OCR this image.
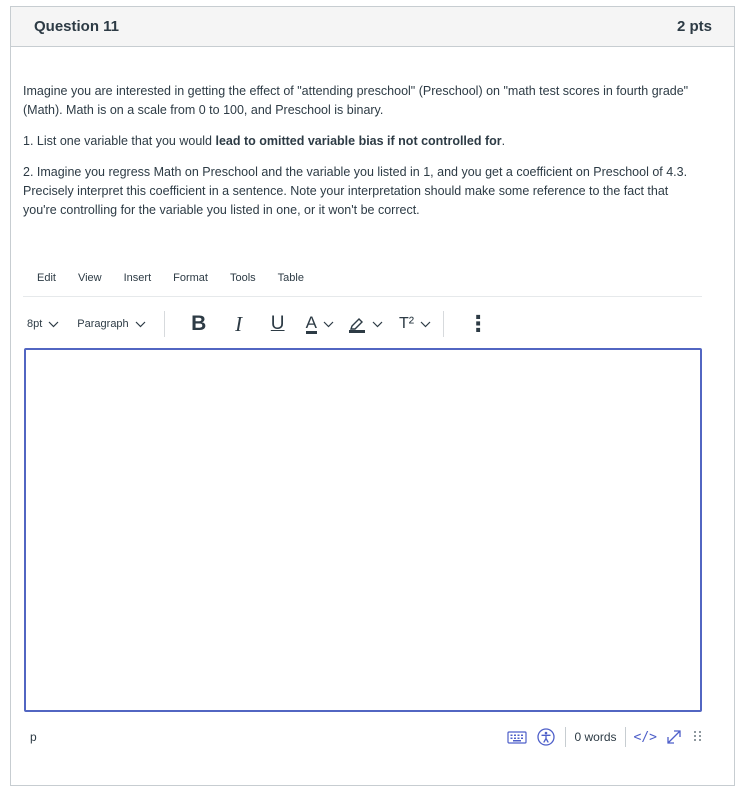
Question 11	2 pts

Imagine you are interested in getting the effect of "attending preschool" (Preschool) on "math test scores in fourth grade" (Math). Math is on a scale from 0 to 100, and Preschool is binary.

1. List one variable that you would lead to omitted variable bias if not controlled for.

2. Imagine you regress Math on Preschool and the variable you listed in 1, and you get a coefficient on Preschool of 4.3. Precisely interpret this coefficient in a sentence. Note your interpretation should make some reference to the fact that you're controlling for the variable you listed in one, or it won't be correct.

Edit	View	Insert	Format	Tools	Table
8pt	Paragraph	B I U A	T² ⋮
p	0 words	</>
